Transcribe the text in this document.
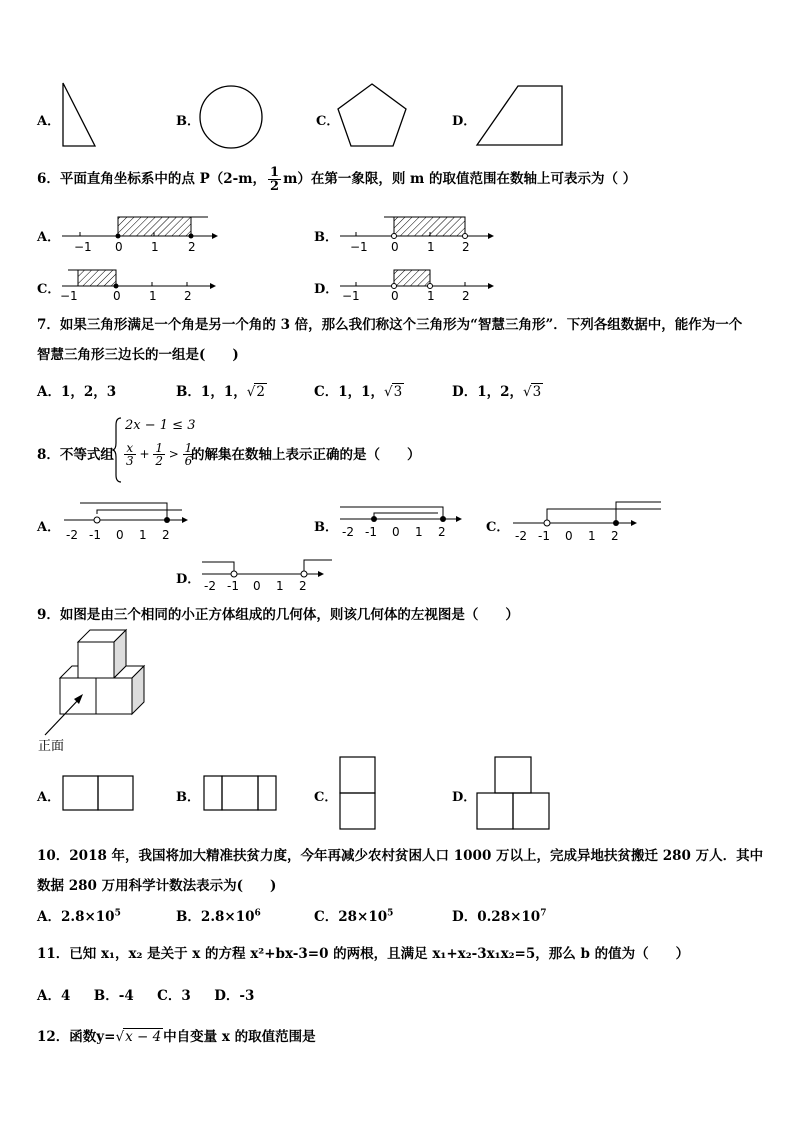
A．	B．	C．	D．
6．平面直角坐标系中的点 P（2-m， $\frac{1}{2} m$）在第一象限，则 m 的取值范围在数轴上可表示为（ ）
A．
−1 0 1 2
B．
−1 0 1 2
C． −1	0 1 2	D． −1	0 1 2
7．如果三角形满足一个角是另一个角的 3 倍，那么我们称这个三角形为“智慧三角形”．下列各组数据中，能作为一个
智慧三角形三边长的一组是(　　)
A．1，2，3	B．1，1，√2	C．1，1，√3	D．1，2，√3
8．不等式组
2x − 1 ≤ 3
$\frac{x}{3} + \frac{1}{2} > \frac{1}{6}$
的解集在数轴上表示正确的是（　　）
A． -2 -1 0 1 2	B． -2 -1 0 1 2	C．
-2 -1 0 1 2
D． -2 -1 0 1 2
9．如图是由三个相同的小正方体组成的几何体，则该几何体的左视图是（　　）
正面
A．	B．	C．	D．
10．2018 年，我国将加大精准扶贫力度，今年再减少农村贫困人口 1000 万以上，完成异地扶贫搬迁 280 万人．其中
数据 280 万用科学计数法表示为(　　)
A．$2.8\times 10^5$	B．$2.8\times 10^6$	C．$28\times 10^5$	D．$0.28\times 10^7$
11．已知 x₁，x₂ 是关于 x 的方程 x²+bx-3=0 的两根，且满足 x₁+x₂-3x₁x₂=5，那么 b 的值为（　　）
A．4 B．-4 C．3 D．-3
12．函数y=√x − 4 中自变量 x 的取值范围是
